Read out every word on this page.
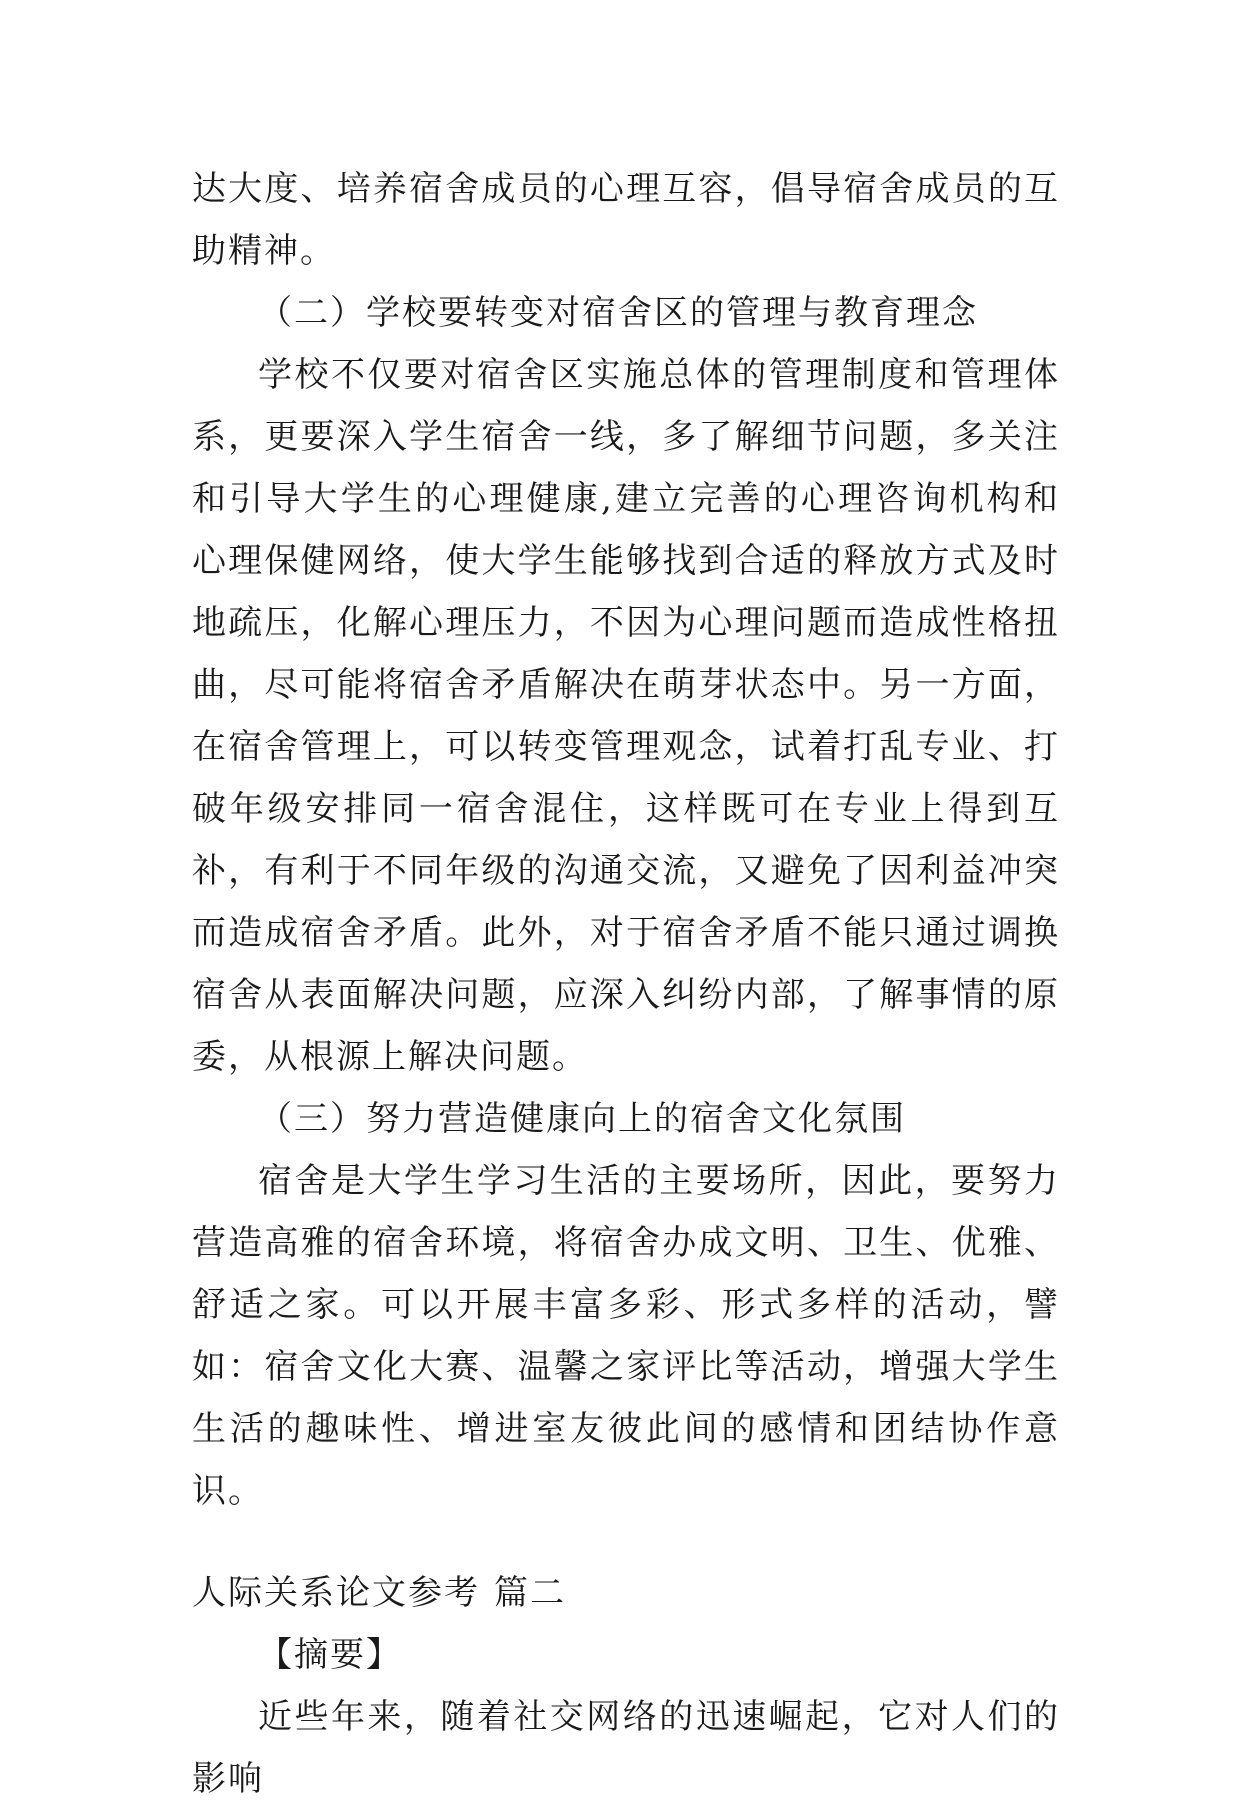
达大度、培养宿舍成员的心理互容，倡导宿舍成员的互助精神。

（二）学校要转变对宿舍区的管理与教育理念

学校不仅要对宿舍区实施总体的管理制度和管理体系，更要深入学生宿舍一线，多了解细节问题，多关注和引导大学生的心理健康,建立完善的心理咨询机构和心理保健网络，使大学生能够找到合适的释放方式及时地疏压，化解心理压力，不因为心理问题而造成性格扭曲，尽可能将宿舍矛盾解决在萌芽状态中。另一方面，在宿舍管理上，可以转变管理观念，试着打乱专业、打破年级安排同一宿舍混住，这样既可在专业上得到互补，有利于不同年级的沟通交流，又避免了因利益冲突而造成宿舍矛盾。此外，对于宿舍矛盾不能只通过调换宿舍从表面解决问题，应深入纠纷内部，了解事情的原委，从根源上解决问题。

（三）努力营造健康向上的宿舍文化氛围

宿舍是大学生学习生活的主要场所，因此，要努力营造高雅的宿舍环境，将宿舍办成文明、卫生、优雅、舒适之家。可以开展丰富多彩、形式多样的活动，譬如：宿舍文化大赛、温馨之家评比等活动，增强大学生生活的趣味性、增进室友彼此间的感情和团结协作意识。

人际关系论文参考 篇二

【摘要】

近些年来，随着社交网络的迅速崛起，它对人们的影响
